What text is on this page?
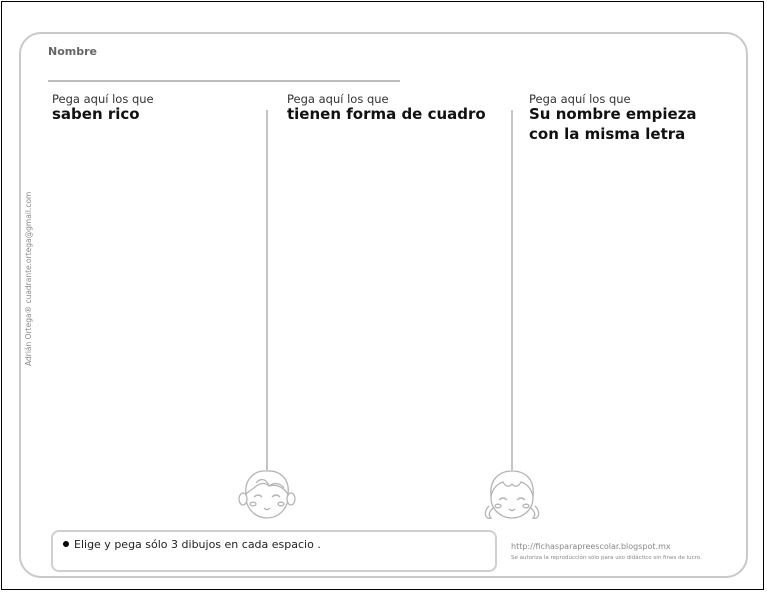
Nombre
Pega aquí los que
saben rico
Pega aquí los que
tienen forma de cuadro
Pega aquí los que
Su nombre empieza
con la misma letra
Adrián Ortega® cuadrante.ortega@gmail.com
Elige y pega sólo 3 dibujos en cada espacio .	http://fichasparapreescolar.blogspot.mx
Se autoriza la reproducción sólo para uso didáctico sin fines de lucro.
